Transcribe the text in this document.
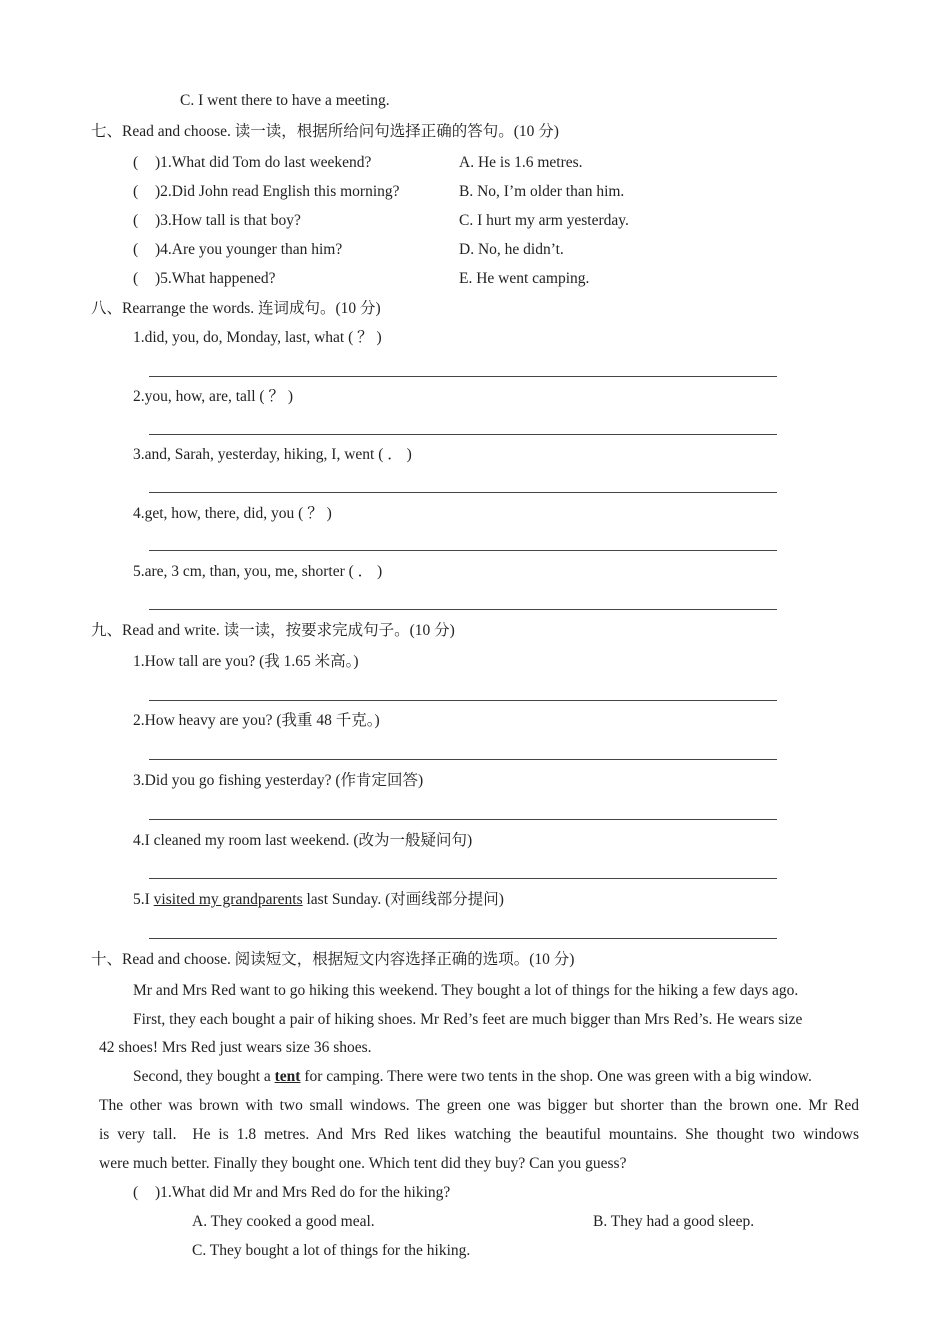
C. I went there to have a meeting.
七、Read and choose. 读一读，根据所给问句选择正确的答句。(10 分)
( )1.What did Tom do last weekend?	A. He is 1.6 metres.
( )2.Did John read English this morning?	B. No, I’m older than him.
( )3.How tall is that boy?	C. I hurt my arm yesterday.
( )4.Are you younger than him?	D. No, he didn’t.
( )5.What happened?	E. He went camping.
八、Rearrange the words. 连词成句。(10 分)
1.did, you, do, Monday, last, what ( ？ )
2.you, how, are, tall ( ？ )
3.and, Sarah, yesterday, hiking, I, went ( ． )
4.get, how, there, did, you ( ？ )
5.are, 3 cm, than, you, me, shorter ( ． )
九、Read and write. 读一读，按要求完成句子。(10 分)
1.How tall are you? (我 1.65 米高。)
2.How heavy are you? (我重 48 千克。)
3.Did you go fishing yesterday? (作肯定回答)
4.I cleaned my room last weekend. (改为一般疑问句)
5.I visited my grandparents last Sunday. (对画线部分提问)
十、Read and choose. 阅读短文，根据短文内容选择正确的选项。(10 分)
Mr and Mrs Red want to go hiking this weekend. They bought a lot of things for the hiking a few days ago.
First, they each bought a pair of hiking shoes. Mr Red’s feet are much bigger than Mrs Red’s. He wears size
42 shoes! Mrs Red just wears size 36 shoes.
Second, they bought a tent for camping. There were two tents in the shop. One was green with a big window.
The other was brown with two small windows. The green one was bigger but shorter than the brown one. Mr Red
is very tall.  He is 1.8 metres. And Mrs Red likes watching the beautiful mountains. She thought two windows
were much better. Finally they bought one. Which tent did they buy? Can you guess?
( )1.What did Mr and Mrs Red do for the hiking?
A. They cooked a good meal.	B. They had a good sleep.
C. They bought a lot of things for the hiking.
